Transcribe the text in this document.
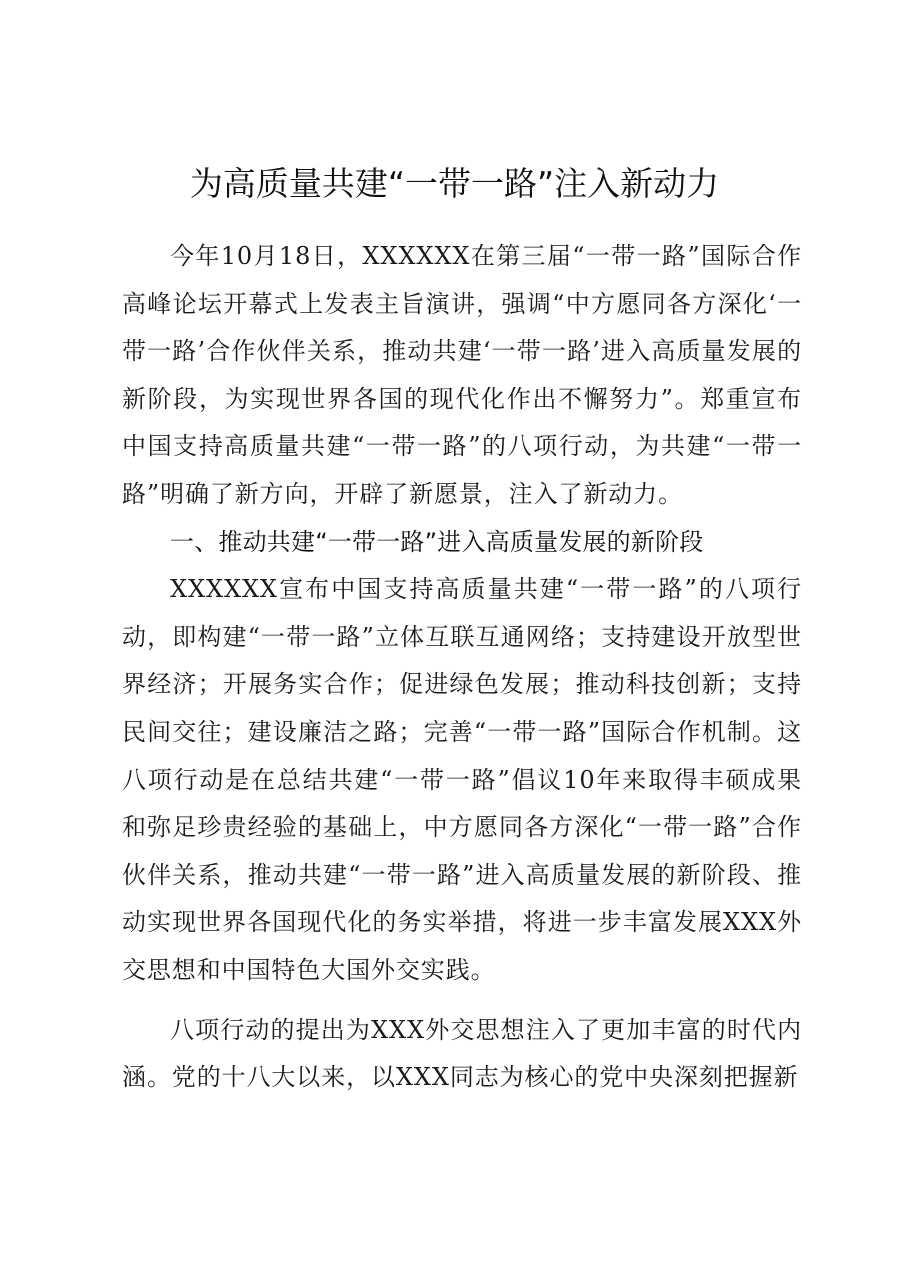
为高质量共建“一带一路”注入新动力

今年10月18日，XXXXXX在第三届“一带一路”国际合作高峰论坛开幕式上发表主旨演讲，强调“中方愿同各方深化‘一带一路’合作伙伴关系，推动共建‘一带一路’进入高质量发展的新阶段，为实现世界各国的现代化作出不懈努力”。郑重宣布中国支持高质量共建“一带一路”的八项行动，为共建“一带一路”明确了新方向，开辟了新愿景，注入了新动力。

一、推动共建“一带一路”进入高质量发展的新阶段

XXXXXX宣布中国支持高质量共建“一带一路”的八项行动，即构建“一带一路”立体互联互通网络；支持建设开放型世界经济；开展务实合作；促进绿色发展；推动科技创新；支持民间交往；建设廉洁之路；完善“一带一路”国际合作机制。这八项行动是在总结共建“一带一路”倡议10年来取得丰硕成果和弥足珍贵经验的基础上，中方愿同各方深化“一带一路”合作伙伴关系，推动共建“一带一路”进入高质量发展的新阶段、推动实现世界各国现代化的务实举措，将进一步丰富发展XXX外交思想和中国特色大国外交实践。

八项行动的提出为XXX外交思想注入了更加丰富的时代内涵。党的十八大以来，以XXX同志为核心的党中央深刻把握新
